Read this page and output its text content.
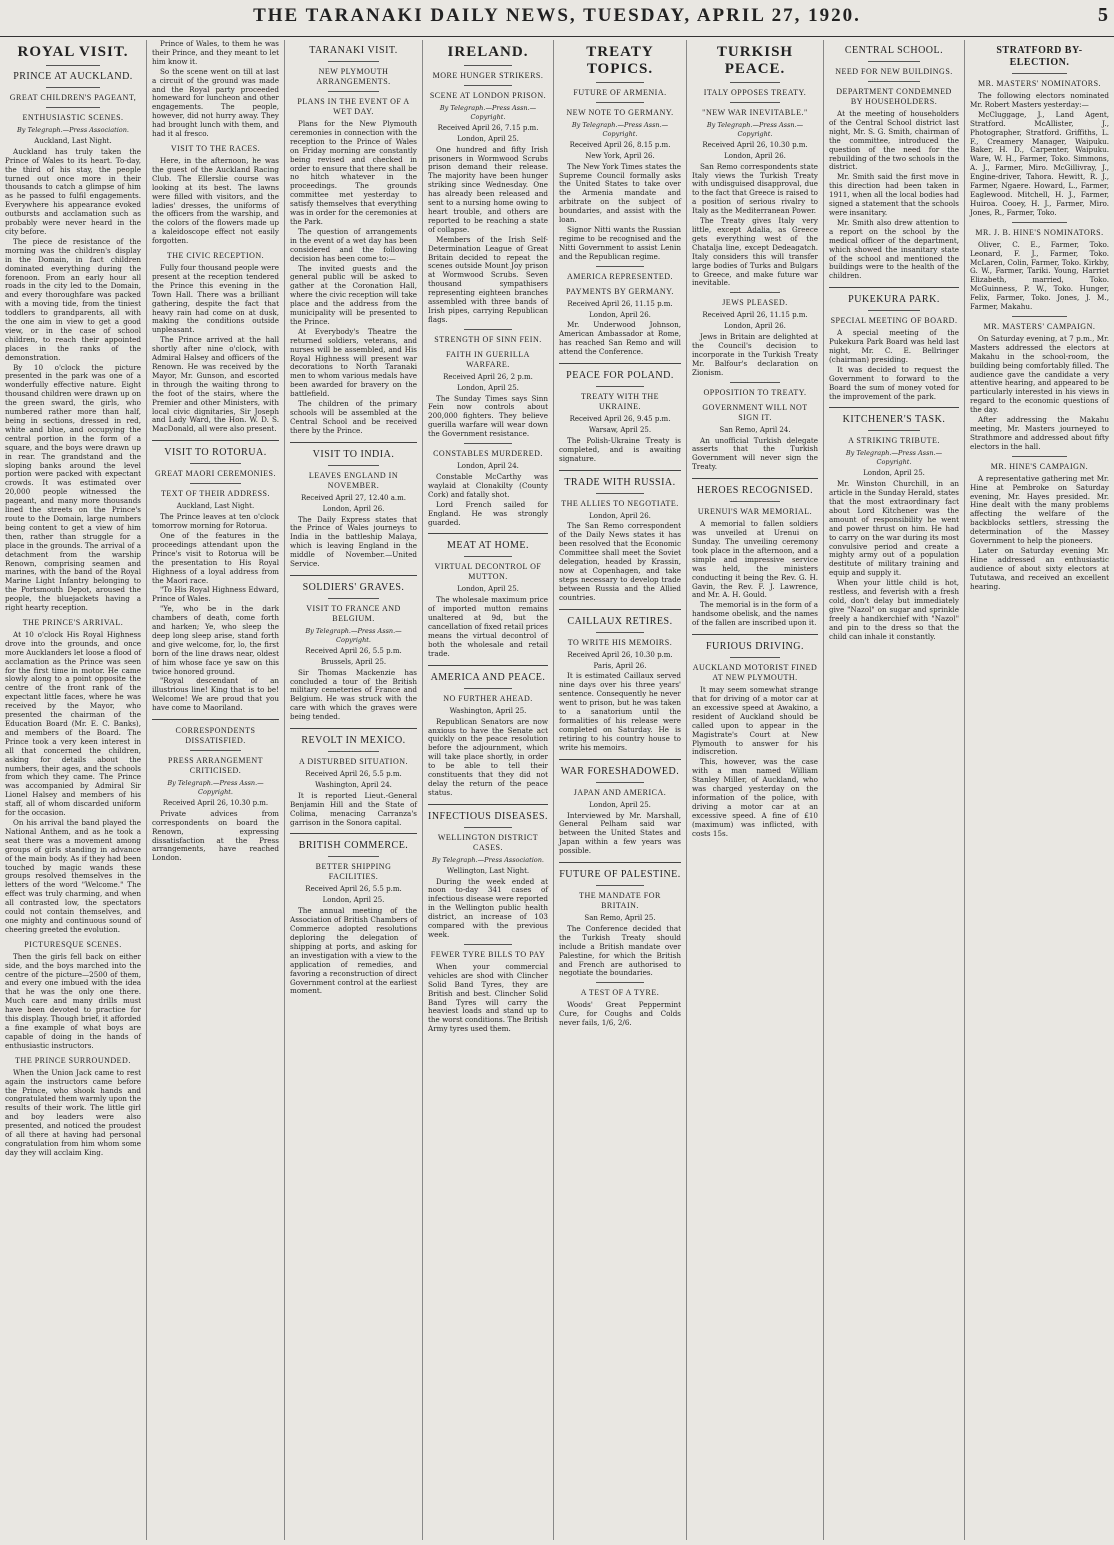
THE TARANAKI DAILY NEWS, TUESDAY, APRIL 27, 1920.	5
ROYAL VISIT.
PRINCE AT AUCKLAND.
GREAT CHILDREN'S PAGEANT,
ENTHUSIASTIC SCENES.
By Telegraph.—Press Association.
Auckland, Last Night.

Auckland has truly taken the Prince of Wales to its heart. To-day, the third of his stay, the people turned out once more in their thousands to catch a glimpse of him as he passed to fulfil engagements. Everywhere his appearance evoked outbursts and acclamation such as probably were never heard in the city before.

The piece de resistance of the morning was the children's display in the Domain, in fact children dominated everything during the forenoon. From an early hour all roads in the city led to the Domain, and every thoroughfare was packed with a moving tide, from the tiniest toddlers to grandparents, all with the one aim in view to get a good view, or in the case of school children, to reach their appointed places in the ranks of the demonstration.

By 10 o'clock the picture presented in the park was one of a wonderfully effective nature. Eight thousand children were drawn up on the green sward, the girls, who numbered rather more than half, being in sections, dressed in red, white and blue, and occupying the central portion in the form of a square, and the boys were drawn up in rear. The grandstand and the sloping banks around the level portion were packed with expectant crowds. It was estimated over 20,000 people witnessed the pageant, and many more thousands lined the streets on the Prince's route to the Domain, large numbers being content to get a view of him then, rather than struggle for a place in the grounds. The arrival of a detachment from the warship Renown, comprising seamen and marines, with the band of the Royal Marine Light Infantry belonging to the Portsmouth Depot, aroused the people, the bluejackets having a right hearty reception.

THE PRINCE'S ARRIVAL.

At 10 o'clock His Royal Highness drove into the grounds, and once more Aucklanders let loose a flood of acclamation as the Prince was seen for the first time in motor. He came slowly along to a point opposite the centre of the front rank of the expectant little faces, where he was received by the Mayor, who presented the chairman of the Education Board (Mr. E. C. Banks), and members of the Board. The Prince took a very keen interest in all that concerned the children, asking for details about the numbers, their ages, and the schools from which they came. The Prince was accompanied by Admiral Sir Lionel Halsey and members of his staff, all of whom discarded uniform for the occasion.

On his arrival the band played the National Anthem, and as he took a seat there was a movement among groups of girls standing in advance of the main body. As if they had been touched by magic wands these groups resolved themselves in the letters of the word "Welcome." The effect was truly charming, and when all contrasted low, the spectators could not contain themselves, and one mighty and continuous sound of cheering greeted the evolution.

PICTURESQUE SCENES.

Then the girls fell back on either side, and the boys marched into the centre of the picture—2500 of them, and every one imbued with the idea that he was the only one there. Much care and many drills must have been devoted to practice for this display. Though brief, it afforded a fine example of what boys are capable of doing in the hands of enthusiastic instructors.

THE PRINCE SURROUNDED.

When the Union Jack came to rest again the instructors came before the Prince, who shook hands and congratulated them warmly upon the results of their work. The little girl and boy leaders were also presented, and noticed the proudest of all there at having had personal congratulation from him whom some day they will acclaim King.

Prince of Wales, to them he was their Prince, and they meant to let him know it.

So the scene went on till at last a circuit of the ground was made and the Royal party proceeded homeward for luncheon and other engagements. The people, however, did not hurry away. They had brought lunch with them, and had it al fresco.

VISIT TO THE RACES.

Here, in the afternoon, he was the guest of the Auckland Racing Club. The Ellerslie course was looking at its best. The lawns were filled with visitors, and the ladies' dresses, the uniforms of the officers from the warship, and the colors of the flowers made up a kaleidoscope effect not easily forgotten.

THE CIVIC RECEPTION.

Fully four thousand people were present at the reception tendered the Prince this evening in the Town Hall. There was a brilliant gathering, despite the fact that heavy rain had come on at dusk, making the conditions outside unpleasant.

The Prince arrived at the hall shortly after nine o'clock, with Admiral Halsey and officers of the Renown. He was received by the Mayor, Mr. Gunson, and escorted in through the waiting throng to the foot of the stairs, where the Premier and other Ministers, with local civic dignitaries, Sir Joseph and Lady Ward, the Hon. W. D. S. MacDonald, all were also present.

VISIT TO ROTORUA.
GREAT MAORI CEREMONIES.
TEXT OF THEIR ADDRESS.
Auckland, Last Night.

The Prince leaves at ten o'clock tomorrow morning for Rotorua.

One of the features in the proceedings attendant upon the Prince's visit to Rotorua will be the presentation to His Royal Highness of a loyal address from the Maori race.

"To His Royal Highness Edward, Prince of Wales.

"Ye, who be in the dark chambers of death, come forth and harken; Ye, who sleep the deep long sleep arise, stand forth and give welcome, for, lo, the first born of the line draws near, oldest of him whose face ye saw on this twice honored ground.

"Royal descendant of an illustrious line! King that is to be! Welcome! We are proud that you have come to Maoriland.

CORRESPONDENTS DISSATISFIED.
PRESS ARRANGEMENT CRITICISED.
By Telegraph.—Press Assn.—Copyright.
Received April 26, 10.30 p.m.

Private advices from correspondents on board the Renown, expressing dissatisfaction at the Press arrangements, have reached London.

TARANAKI VISIT.
NEW PLYMOUTH ARRANGEMENTS.
PLANS IN THE EVENT OF A WET DAY.

Plans for the New Plymouth ceremonies in connection with the reception to the Prince of Wales on Friday morning are constantly being revised and checked in order to ensure that there shall be no hitch whatever in the proceedings. The grounds committee met yesterday to satisfy themselves that everything was in order for the ceremonies at the Park.

The question of arrangements in the event of a wet day has been considered and the following decision has been come to:—

The invited guests and the general public will be asked to gather at the Coronation Hall, where the civic reception will take place and the address from the municipality will be presented to the Prince.

At Everybody's Theatre the returned soldiers, veterans, and nurses will be assembled, and His Royal Highness will present war decorations to North Taranaki men to whom various medals have been awarded for bravery on the battlefield.

The children of the primary schools will be assembled at the Central School and be received there by the Prince.

VISIT TO INDIA.
LEAVES ENGLAND IN NOVEMBER.
Received April 27, 12.40 a.m.
London, April 26.

The Daily Express states that the Prince of Wales journeys to India in the battleship Malaya, which is leaving England in the middle of November.—United Service.

SOLDIERS' GRAVES.
VISIT TO FRANCE AND BELGIUM.
By Telegraph.—Press Assn.—Copyright.
Received April 26, 5.5 p.m.
Brussels, April 25.

Sir Thomas Mackenzie has concluded a tour of the British military cemeteries of France and Belgium. He was struck with the care with which the graves were being tended.

REVOLT IN MEXICO.
A DISTURBED SITUATION.
Received April 26, 5.5 p.m.
Washington, April 24.

It is reported Lieut.-General Benjamin Hill and the State of Colima, menacing Carranza's garrison in the Sonora capital.

BRITISH COMMERCE.
BETTER SHIPPING FACILITIES.
Received April 26, 5.5 p.m.
London, April 25.

The annual meeting of the Association of British Chambers of Commerce adopted resolutions deploring the delegation of shipping at ports, and asking for an investigation with a view to the application of remedies, and favoring a reconstruction of direct Government control at the earliest moment.

IRELAND.
MORE HUNGER STRIKERS.
SCENE AT LONDON PRISON.
By Telegraph.—Press Assn.—Copyright.
Received April 26, 7.15 p.m.
London, April 25.

One hundred and fifty Irish prisoners in Wormwood Scrubs prison demand their release. The majority have been hunger striking since Wednesday. One has already been released and sent to a nursing home owing to heart trouble, and others are reported to be reaching a state of collapse.

Members of the Irish Self-Determination League of Great Britain decided to repeat the scenes outside Mount Joy prison at Wormwood Scrubs. Seven thousand sympathisers representing eighteen branches assembled with three bands of Irish pipes, carrying Republican flags.

STRENGTH OF SINN FEIN.
FAITH IN GUERILLA WARFARE.
Received April 26, 2 p.m.
London, April 25.

The Sunday Times says Sinn Fein now controls about 200,000 fighters. They believe guerilla warfare will wear down the Government resistance.

CONSTABLES MURDERED.
London, April 24.

Constable McCarthy was waylaid at Clonakilty (County Cork) and fatally shot.

Lord French sailed for England. He was strongly guarded.

MEAT AT HOME.
VIRTUAL DECONTROL OF MUTTON.
London, April 25.

The wholesale maximum price of imported mutton remains unaltered at 9d, but the cancellation of fixed retail prices means the virtual decontrol of both the wholesale and retail trade.

AMERICA AND PEACE.
NO FURTHER AHEAD.
Washington, April 25.

Republican Senators are now anxious to have the Senate act quickly on the peace resolution before the adjournment, which will take place shortly, in order to be able to tell their constituents that they did not delay the return of the peace status.

INFECTIOUS DISEASES.
WELLINGTON DISTRICT CASES.
By Telegraph.—Press Association.
Wellington, Last Night.

During the week ended at noon to-day 341 cases of infectious disease were reported in the Wellington public health district, an increase of 103 compared with the previous week.

FEWER TYRE BILLS TO PAY

When your commercial vehicles are shod with Clincher Solid Band Tyres, they are British and best. Clincher Solid Band Tyres will carry the heaviest loads and stand up to the worst conditions. The British Army tyres used them.

TREATY TOPICS.
FUTURE OF ARMENIA.
NEW NOTE TO GERMANY.
By Telegraph.—Press Assn.—Copyright.
Received April 26, 8.15 p.m.
New York, April 26.

The New York Times states the Supreme Council formally asks the United States to take over the Armenia mandate and arbitrate on the subject of boundaries, and assist with the loan.

Signor Nitti wants the Russian regime to be recognised and the Nitti Government to assist Lenin and the Republican regime.

AMERICA REPRESENTED.
PAYMENTS BY GERMANY.
Received April 26, 11.15 p.m.
London, April 26.

Mr. Underwood Johnson, American Ambassador at Rome, has reached San Remo and will attend the Conference.

PEACE FOR POLAND.
TREATY WITH THE UKRAINE.
Received April 26, 9.45 p.m.
Warsaw, April 25.

The Polish-Ukraine Treaty is completed, and is awaiting signature.

TRADE WITH RUSSIA.
THE ALLIES TO NEGOTIATE.
London, April 26.

The San Remo correspondent of the Daily News states it has been resolved that the Economic Committee shall meet the Soviet delegation, headed by Krassin, now at Copenhagen, and take steps necessary to develop trade between Russia and the Allied countries.

CAILLAUX RETIRES.
TO WRITE HIS MEMOIRS.
Received April 26, 10.30 p.m.
Paris, April 26.

It is estimated Caillaux served nine days over his three years' sentence. Consequently he never went to prison, but he was taken to a sanatorium until the formalities of his release were completed on Saturday. He is retiring to his country house to write his memoirs.

WAR FORESHADOWED.
JAPAN AND AMERICA.
London, April 25.

Interviewed by Mr. Marshall, General Pelham said war between the United States and Japan within a few years was possible.

FUTURE OF PALESTINE.
THE MANDATE FOR BRITAIN.
San Remo, April 25.

The Conference decided that the Turkish Treaty should include a British mandate over Palestine, for which the British and French are authorised to negotiate the boundaries.

A TEST OF A TYRE.

Woods' Great Peppermint Cure, for Coughs and Colds never fails, 1/6, 2/6.

TURKISH PEACE.
ITALY OPPOSES TREATY.
"NEW WAR INEVITABLE."
By Telegraph.—Press Assn.—Copyright.
Received April 26, 10.30 p.m.
London, April 26.

San Remo correspondents state Italy views the Turkish Treaty with undisguised disapproval, due to the fact that Greece is raised to a position of serious rivalry to Italy as the Mediterranean Power.

The Treaty gives Italy very little, except Adalia, as Greece gets everything west of the Chatalja line, except Dedeagatch. Italy considers this will transfer large bodies of Turks and Bulgars to Greece, and make future war inevitable.

JEWS PLEASED.
Received April 26, 11.15 p.m.
London, April 26.

Jews in Britain are delighted at the Council's decision to incorporate in the Turkish Treaty Mr. Balfour's declaration on Zionism.

OPPOSITION TO TREATY.
GOVERNMENT WILL NOT SIGN IT.
San Remo, April 24.

An unofficial Turkish delegate asserts that the Turkish Government will never sign the Treaty.

HEROES RECOGNISED.
URENUI'S WAR MEMORIAL.

A memorial to fallen soldiers was unveiled at Urenui on Sunday. The unveiling ceremony took place in the afternoon, and a simple and impressive service was held, the ministers conducting it being the Rev. G. H. Gavin, the Rev. F. J. Lawrence, and Mr. A. H. Gould.

The memorial is in the form of a handsome obelisk, and the names of the fallen are inscribed upon it.

FURIOUS DRIVING.
AUCKLAND MOTORIST FINED AT NEW PLYMOUTH.

It may seem somewhat strange that for driving of a motor car at an excessive speed at Awakino, a resident of Auckland should be called upon to appear in the Magistrate's Court at New Plymouth to answer for his indiscretion.

This, however, was the case with a man named William Stanley Miller, of Auckland, who was charged yesterday on the information of the police, with driving a motor car at an excessive speed. A fine of £10 (maximum) was inflicted, with costs 15s.

CENTRAL SCHOOL.
NEED FOR NEW BUILDINGS.
DEPARTMENT CONDEMNED BY HOUSEHOLDERS.

At the meeting of householders of the Central School district last night, Mr. S. G. Smith, chairman of the committee, introduced the question of the need for the rebuilding of the two schools in the district.

Mr. Smith said the first move in this direction had been taken in 1911, when all the local bodies had signed a statement that the schools were insanitary.

Mr. Smith also drew attention to a report on the school by the medical officer of the department, which showed the insanitary state of the school and mentioned the buildings were to the health of the children.

PUKEKURA PARK.
SPECIAL MEETING OF BOARD.

A special meeting of the Pukekura Park Board was held last night, Mr. C. E. Bellringer (chairman) presiding.

It was decided to request the Government to forward to the Board the sum of money voted for the improvement of the park.

KITCHENER'S TASK.
A STRIKING TRIBUTE.
By Telegraph.—Press Assn.—Copyright.
London, April 25.

Mr. Winston Churchill, in an article in the Sunday Herald, states that the most extraordinary fact about Lord Kitchener was the amount of responsibility he went and power thrust on him. He had to carry on the war during its most convulsive period and create a mighty army out of a population destitute of military training and equip and supply it.

When your little child is hot, restless, and feverish with a fresh cold, don't delay but immediately give "Nazol" on sugar and sprinkle freely a handkerchief with "Nazol" and pin to the dress so that the child can inhale it constantly.

STRATFORD BY-ELECTION.
MR. MASTERS' NOMINATORS.

The following electors nominated Mr. Robert Masters yesterday:—

McCluggage, J., Land Agent, Stratford. McAllister, J., Photographer, Stratford. Griffiths, L. F., Creamery Manager, Waipuku. Baker, H. D., Carpenter, Waipuku. Ware, W. H., Farmer, Toko. Simmons, A. J., Farmer, Miro. McGillivray, J., Engine-driver, Tahora. Hewitt, R. J., Farmer, Ngaere. Howard, L., Farmer, Eaglewood. Mitchell, H. J., Farmer, Huiroa. Cooey, H. J., Farmer, Miro. Jones, R., Farmer, Toko.

MR. J. B. HINE'S NOMINATORS.

Oliver, C. E., Farmer, Toko. Leonard, F. J., Farmer, Toko. McLaren, Colin, Farmer, Toko. Kirkby, G. W., Farmer, Tariki. Young, Harriet Elizabeth, married, Toko. McGuinness, P. W., Toko. Hunger, Felix, Farmer, Toko. Jones, J. M., Farmer, Makahu.

MR. MASTERS' CAMPAIGN.

On Saturday evening, at 7 p.m., Mr. Masters addressed the electors at Makahu in the school-room, the building being comfortably filled. The audience gave the candidate a very attentive hearing, and appeared to be particularly interested in his views in regard to the economic questions of the day.

After addressing the Makahu meeting, Mr. Masters journeyed to Strathmore and addressed about fifty electors in the hall.

MR. HINE'S CAMPAIGN.

A representative gathering met Mr. Hine at Pembroke on Saturday evening, Mr. Hayes presided. Mr. Hine dealt with the many problems affecting the welfare of the backblocks settlers, stressing the determination of the Massey Government to help the pioneers.

Later on Saturday evening Mr. Hine addressed an enthusiastic audience of about sixty electors at Tututawa, and received an excellent hearing.
